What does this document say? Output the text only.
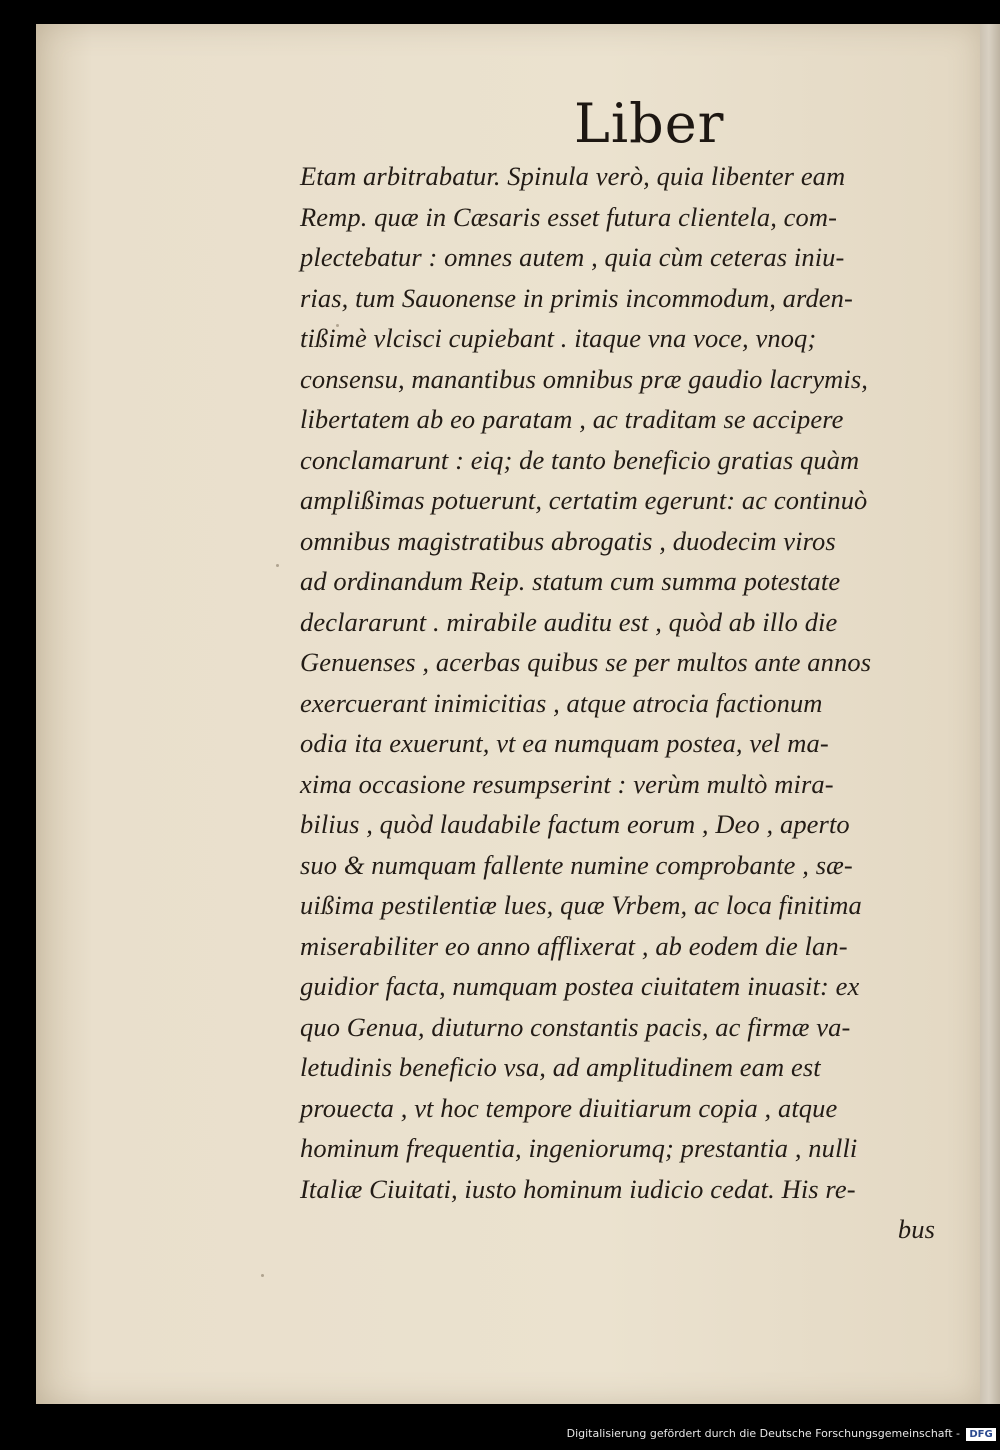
Liber
Etam arbitrabatur. Spinula verò, quia libenter eam
Remp. quæ in Cæsaris esset futura clientela, com-
plectebatur : omnes autem , quia cùm ceteras iniu-
rias, tum Sauonense in primis incommodum, arden-
tißimè vlcisci cupiebant . itaque vna voce, vnoq;
consensu, manantibus omnibus præ gaudio lacrymis,
libertatem ab eo paratam , ac traditam se accipere
conclamarunt : eiq; de tanto beneficio gratias quàm
amplißimas potuerunt, certatim egerunt: ac continuò
omnibus magistratibus abrogatis , duodecim viros
ad ordinandum Reip. statum cum summa potestate
declararunt . mirabile auditu est , quòd ab illo die
Genuenses , acerbas quibus se per multos ante annos
exercuerant inimicitias , atque atrocia factionum
odia ita exuerunt, vt ea numquam postea, vel ma-
xima occasione resumpserint : verùm multò mira-
bilius , quòd laudabile factum eorum , Deo , aperto
suo & numquam fallente numine comprobante , sæ-
uißima pestilentiæ lues, quæ Vrbem, ac loca finitima
miserabiliter eo anno afflixerat , ab eodem die lan-
guidior facta, numquam postea ciuitatem inuasit: ex
quo Genua, diuturno constantis pacis, ac firmæ va-
letudinis beneficio vsa, ad amplitudinem eam est
prouecta , vt hoc tempore diuitiarum copia , atque
hominum frequentia, ingeniorumq; prestantia , nulli
Italiæ Ciuitati, iusto hominum iudicio cedat. His re-
bus
Digitalisierung gefördert durch die Deutsche Forschungsgemeinschaft - DFG
